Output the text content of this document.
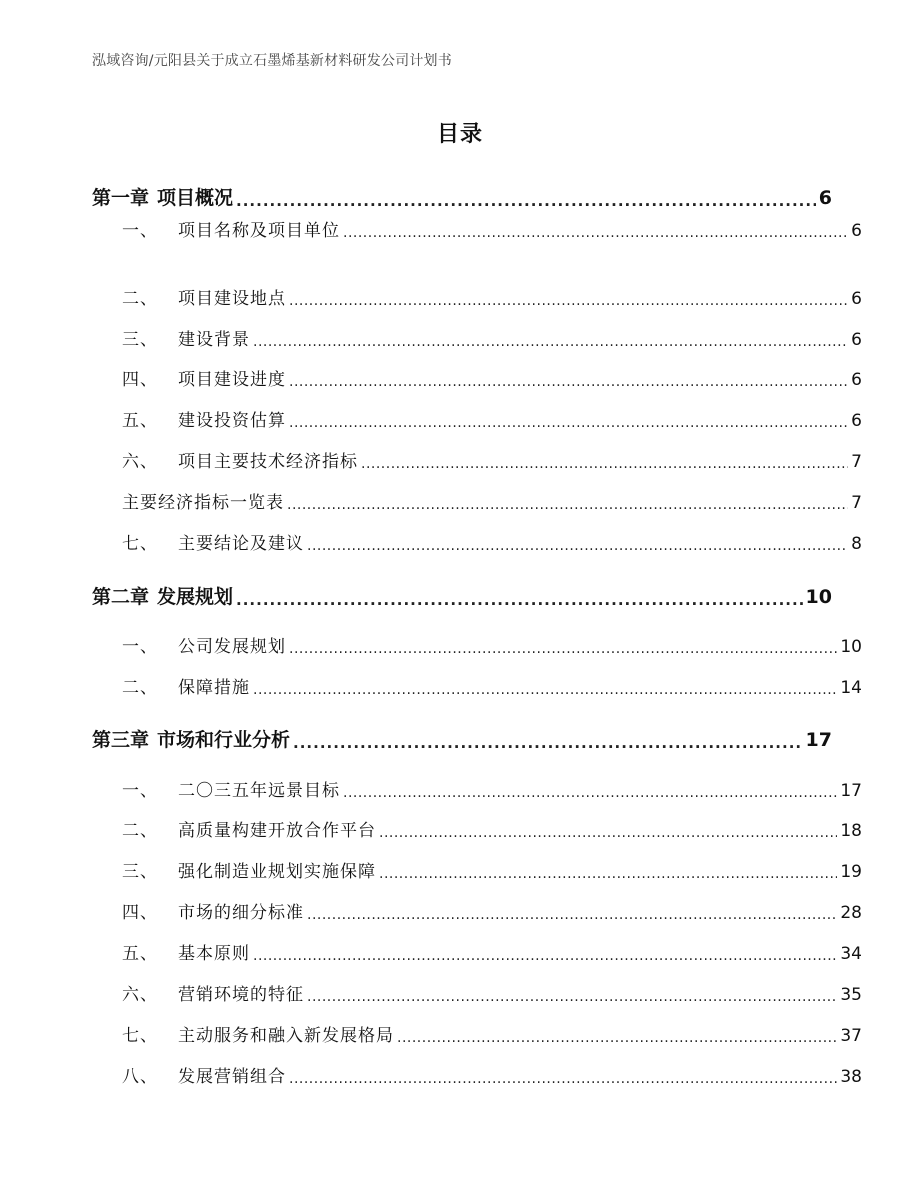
泓域咨询/元阳县关于成立石墨烯基新材料研发公司计划书
目录
第一章 项目概况 .....	6
一、 项目名称及项目单位 .....	6
二、 项目建设地点 .....	6
三、 建设背景 .....	6
四、 项目建设进度 .....	6
五、 建设投资估算 .....	6
六、 项目主要技术经济指标 .....	7
主要经济指标一览表 .....	7
七、 主要结论及建议 .....	8
第二章 发展规划 .....	10
一、 公司发展规划 .....	10
二、 保障措施 .....	14
第三章 市场和行业分析 .....	17
一、 二〇三五年远景目标 .....	17
二、 高质量构建开放合作平台 .....	18
三、 强化制造业规划实施保障 .....	19
四、 市场的细分标准 .....	28
五、 基本原则 .....	34
六、 营销环境的特征 .....	35
七、 主动服务和融入新发展格局 .....	37
八、 发展营销组合 .....	38
